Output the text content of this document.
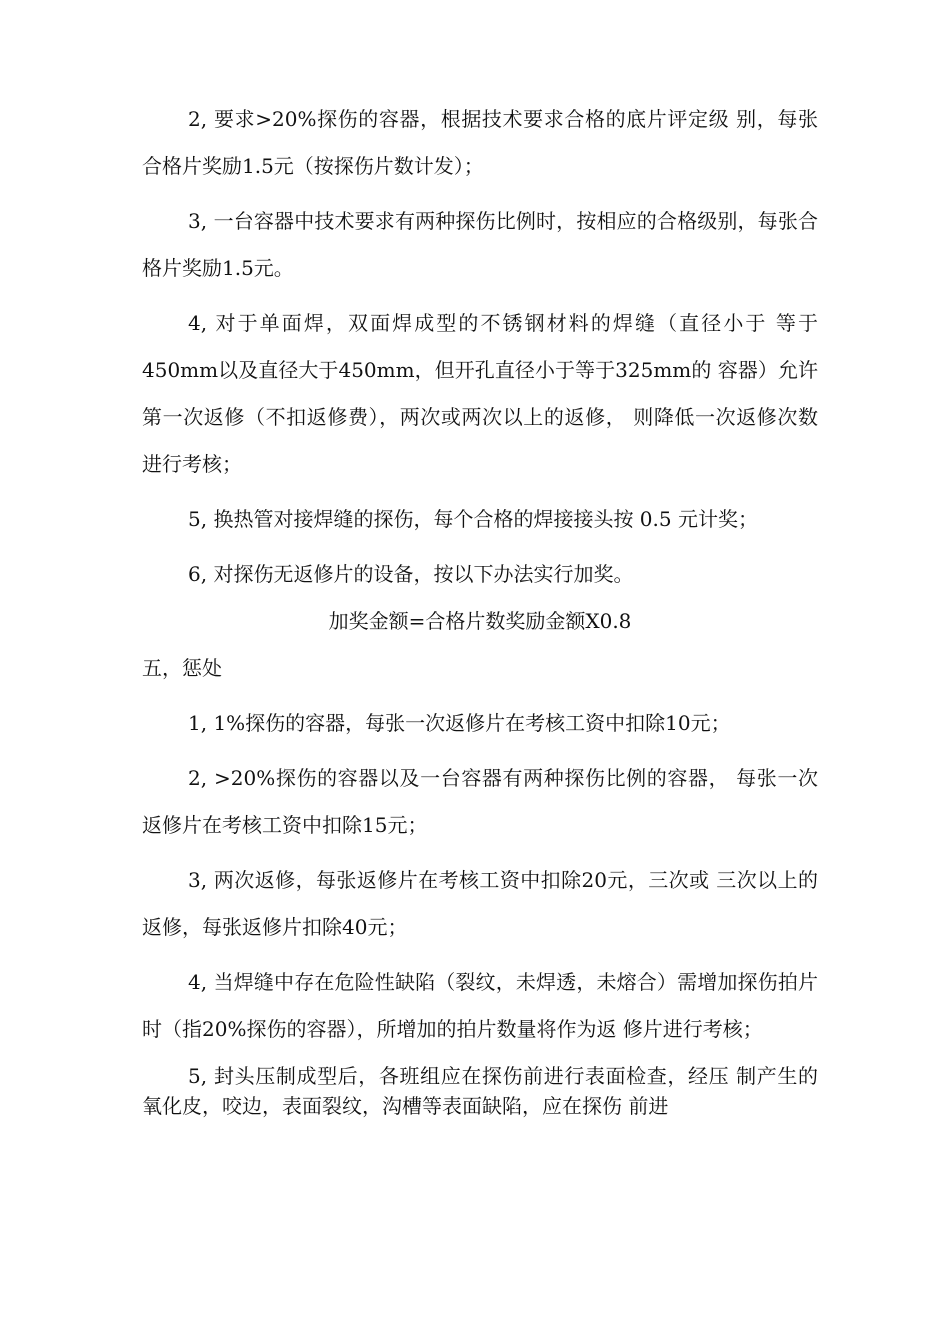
2, 要求>20%探伤的容器，根据技术要求合格的底片评定级 别，每张合格片奖励1.5元（按探伤片数计发）；

3, 一台容器中技术要求有两种探伤比例时，按相应的合格级别，每张合格片奖励1.5元。

4, 对于单面焊，双面焊成型的不锈钢材料的焊缝（直径小于 等于450mm以及直径大于450mm，但开孔直径小于等于325mm的 容器）允许第一次返修（不扣返修费），两次或两次以上的返修， 则降低一次返修次数进行考核；

5, 换热管对接焊缝的探伤，每个合格的焊接接头按 0.5 元计奖；

6, 对探伤无返修片的设备，按以下办法实行加奖。

加奖金额=合格片数奖励金额X0.8

五，惩处

1, 1%探伤的容器，每张一次返修片在考核工资中扣除10元；

2, >20%探伤的容器以及一台容器有两种探伤比例的容器， 每张一次返修片在考核工资中扣除15元；

3, 两次返修，每张返修片在考核工资中扣除20元，三次或 三次以上的返修，每张返修片扣除40元；

4, 当焊缝中存在危险性缺陷（裂纹，未焊透，未熔合）需增加探伤拍片时（指20%探伤的容器），所增加的拍片数量将作为返 修片进行考核；

5, 封头压制成型后，各班组应在探伤前进行表面检查，经压 制产生的氧化皮，咬边，表面裂纹，沟槽等表面缺陷，应在探伤 前进
